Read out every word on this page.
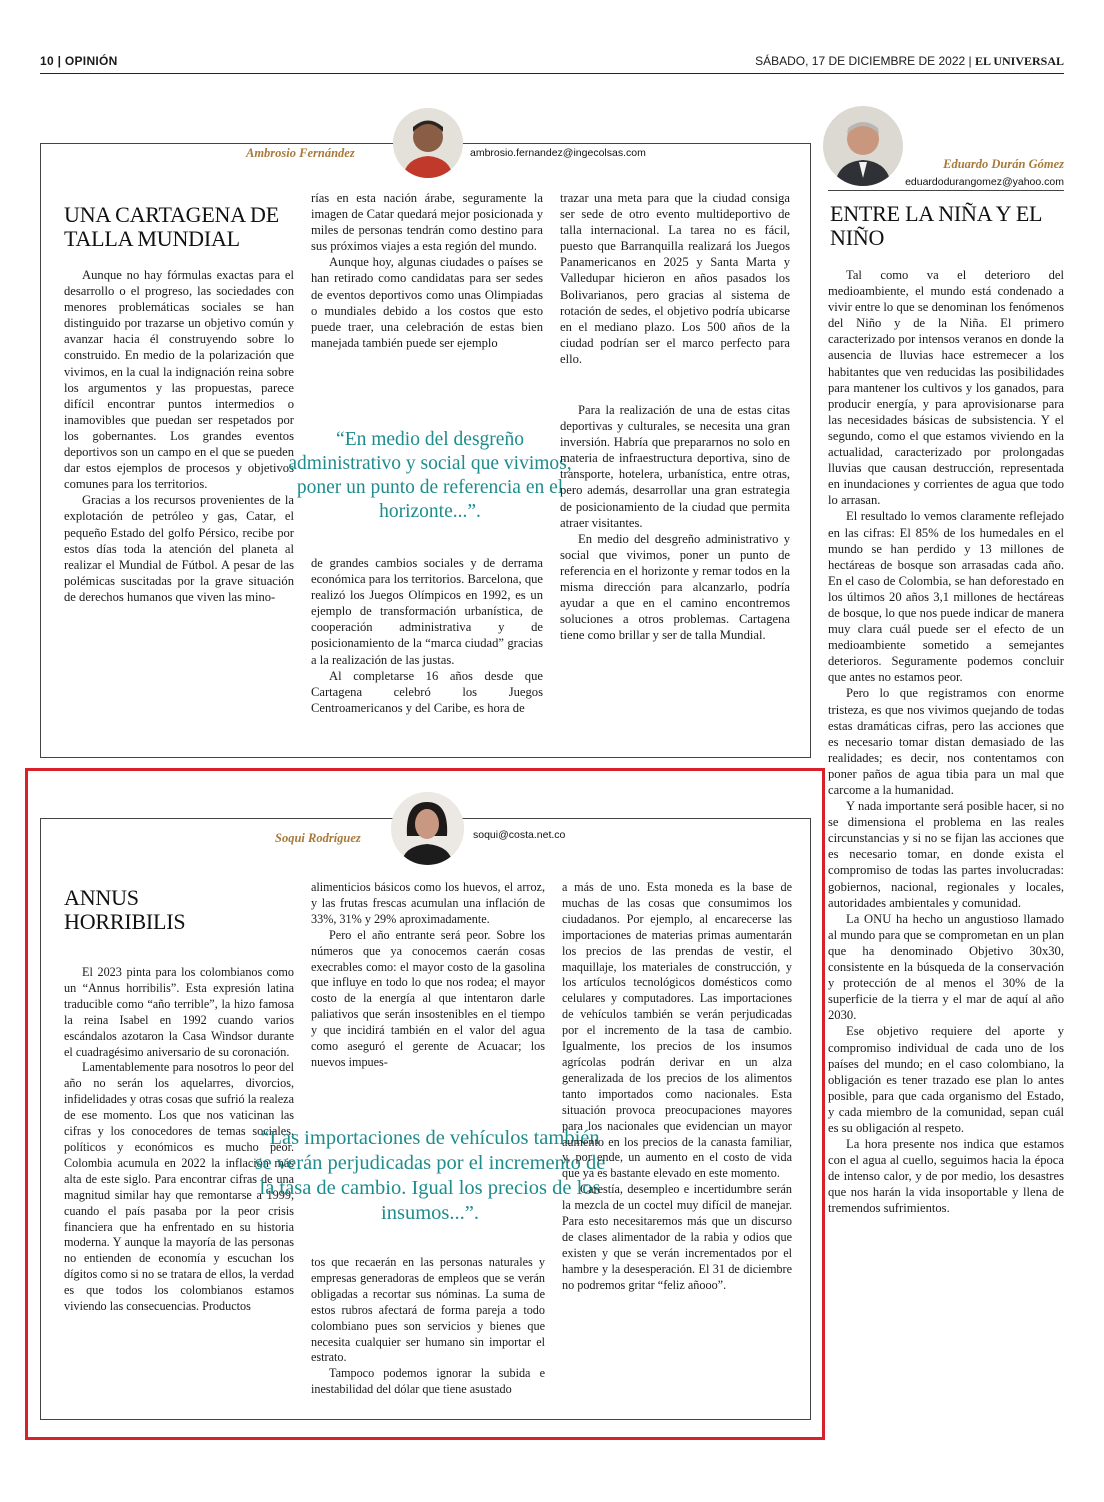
10 | OPINIÓN	SÁBADO, 17 DE DICIEMBRE DE 2022 | EL UNIVERSAL
Ambrosio Fernández	ambrosio.fernandez@ingecolsas.com
UNA CARTAGENA DE TALLA MUNDIAL

Aunque no hay fórmulas exactas para el desarrollo o el progreso, las sociedades con menores problemáticas sociales se han distinguido por trazarse un objetivo común y avanzar hacia él construyendo sobre lo construido. En medio de la polarización que vivimos, en la cual la indignación reina sobre los argumentos y las propuestas, parece difícil encontrar puntos intermedios o inamovibles que puedan ser respetados por los gobernantes. Los grandes eventos deportivos son un campo en el que se pueden dar estos ejemplos de procesos y objetivos comunes para los territorios.

Gracias a los recursos provenientes de la explotación de petróleo y gas, Catar, el pequeño Estado del golfo Pérsico, recibe por estos días toda la atención del planeta al realizar el Mundial de Fútbol. A pesar de las polémicas suscitadas por la grave situación de derechos humanos que viven las mino-

rías en esta nación árabe, seguramente la imagen de Catar quedará mejor posicionada y miles de personas tendrán como destino para sus próximos viajes a esta región del mundo.

Aunque hoy, algunas ciudades o países se han retirado como candidatas para ser sedes de eventos deportivos como unas Olimpiadas o mundiales debido a los costos que esto puede traer, una celebración de estas bien manejada también puede ser ejemplo

“En medio del desgreño administrativo y social que vivimos, poner un punto de referencia en el horizonte...”.

de grandes cambios sociales y de derrama económica para los territorios. Barcelona, que realizó los Juegos Olímpicos en 1992, es un ejemplo de transformación urbanística, de cooperación administrativa y de posicionamiento de la “marca ciudad” gracias a la realización de las justas.

Al completarse 16 años desde que Cartagena celebró los Juegos Centroamericanos y del Caribe, es hora de

trazar una meta para que la ciudad consiga ser sede de otro evento multideportivo de talla internacional. La tarea no es fácil, puesto que Barranquilla realizará los Juegos Panamericanos en 2025 y Santa Marta y Valledupar hicieron en años pasados los Bolivarianos, pero gracias al sistema de rotación de sedes, el objetivo podría ubicarse en el mediano plazo. Los 500 años de la ciudad podrían ser el marco perfecto para ello.

Para la realización de una de estas citas deportivas y culturales, se necesita una gran inversión. Habría que prepararnos no solo en materia de infraestructura deportiva, sino de transporte, hotelera, urbanística, entre otras, pero además, desarrollar una gran estrategia de posicionamiento de la ciudad que permita atraer visitantes.

En medio del desgreño administrativo y social que vivimos, poner un punto de referencia en el horizonte y remar todos en la misma dirección para alcanzarlo, podría ayudar a que en el camino encontremos soluciones a otros problemas. Cartagena tiene como brillar y ser de talla Mundial.

Eduardo Durán Gómez
eduardodurangomez@yahoo.com
ENTRE LA NIÑA Y EL NIÑO

Tal como va el deterioro del medioambiente, el mundo está condenado a vivir entre lo que se denominan los fenómenos del Niño y de la Niña. El primero caracterizado por intensos veranos en donde la ausencia de lluvias hace estremecer a los habitantes que ven reducidas las posibilidades para mantener los cultivos y los ganados, para producir energía, y para aprovisionarse para las necesidades básicas de subsistencia. Y el segundo, como el que estamos viviendo en la actualidad, caracterizado por prolongadas lluvias que causan destrucción, representada en inundaciones y corrientes de agua que todo lo arrasan.

El resultado lo vemos claramente reflejado en las cifras: El 85% de los humedales en el mundo se han perdido y 13 millones de hectáreas de bosque son arrasadas cada año. En el caso de Colombia, se han deforestado en los últimos 20 años 3,1 millones de hectáreas de bosque, lo que nos puede indicar de manera muy clara cuál puede ser el efecto de un medioambiente sometido a semejantes deterioros. Seguramente podemos concluir que antes no estamos peor.

Pero lo que registramos con enorme tristeza, es que nos vivimos quejando de todas estas dramáticas cifras, pero las acciones que es necesario tomar distan demasiado de las realidades; es decir, nos contentamos con poner paños de agua tibia para un mal que carcome a la humanidad.

Y nada importante será posible hacer, si no se dimensiona el problema en las reales circunstancias y si no se fijan las acciones que es necesario tomar, en donde exista el compromiso de todas las partes involucradas: gobiernos, nacional, regionales y locales, autoridades ambientales y comunidad.

La ONU ha hecho un angustioso llamado al mundo para que se comprometan en un plan que ha denominado Objetivo 30x30, consistente en la búsqueda de la conservación y protección de al menos el 30% de la superficie de la tierra y el mar de aquí al año 2030.

Ese objetivo requiere del aporte y compromiso individual de cada uno de los países del mundo; en el caso colombiano, la obligación es tener trazado ese plan lo antes posible, para que cada organismo del Estado, y cada miembro de la comunidad, sepan cuál es su obligación al respeto.

La hora presente nos indica que estamos con el agua al cuello, seguimos hacia la época de intenso calor, y de por medio, los desastres que nos harán la vida insoportable y llena de tremendos sufrimientos.

Soqui Rodríguez	soqui@costa.net.co
ANNUS HORRIBILIS

El 2023 pinta para los colombianos como un “Annus horribilis”. Esta expresión latina traducible como “año terrible”, la hizo famosa la reina Isabel en 1992 cuando varios escándalos azotaron la Casa Windsor durante el cuadragésimo aniversario de su coronación.

Lamentablemente para nosotros lo peor del año no serán los aquelarres, divorcios, infidelidades y otras cosas que sufrió la realeza de ese momento. Los que nos vaticinan las cifras y los conocedores de temas sociales, políticos y económicos es mucho peor. Colombia acumula en 2022 la inflación más alta de este siglo. Para encontrar cifras de una magnitud similar hay que remontarse a 1999, cuando el país pasaba por la peor crisis financiera que ha enfrentado en su historia moderna. Y aunque la mayoría de las personas no entienden de economía y escuchan los dígitos como si no se tratara de ellos, la verdad es que todos los colombianos estamos viviendo las consecuencias. Productos

alimenticios básicos como los huevos, el arroz, y las frutas frescas acumulan una inflación de 33%, 31% y 29% aproximadamente.

Pero el año entrante será peor. Sobre los números que ya conocemos caerán cosas execrables como: el mayor costo de la gasolina que influye en todo lo que nos rodea; el mayor costo de la energía al que intentaron darle paliativos que serán insostenibles en el tiempo y que incidirá también en el valor del agua como aseguró el gerente de Acuacar; los nuevos impues-

“Las importaciones de vehículos también se verán perjudicadas por el incremento de la tasa de cambio. Igual los precios de los insumos...”.

tos que recaerán en las personas naturales y empresas generadoras de empleos que se verán obligadas a recortar sus nóminas. La suma de estos rubros afectará de forma pareja a todo colombiano pues son servicios y bienes que necesita cualquier ser humano sin importar el estrato.

Tampoco podemos ignorar la subida e inestabilidad del dólar que tiene asustado

a más de uno. Esta moneda es la base de muchas de las cosas que consumimos los ciudadanos. Por ejemplo, al encarecerse las importaciones de materias primas aumentarán los precios de las prendas de vestir, el maquillaje, los materiales de construcción, y los artículos tecnológicos domésticos como celulares y computadores. Las importaciones de vehículos también se verán perjudicadas por el incremento de la tasa de cambio. Igualmente, los precios de los insumos agrícolas podrán derivar en un alza generalizada de los precios de los alimentos tanto importados como nacionales. Esta situación provoca preocupaciones mayores para los nacionales que evidencian un mayor aumento en los precios de la canasta familiar, y, por ende, un aumento en el costo de vida que ya es bastante elevado en este momento.

Carestía, desempleo e incertidumbre serán la mezcla de un coctel muy difícil de manejar. Para esto necesitaremos más que un discurso de clases alimentador de la rabia y odios que existen y que se verán incrementados por el hambre y la desesperación. El 31 de diciembre no podremos gritar “feliz añooo”.
